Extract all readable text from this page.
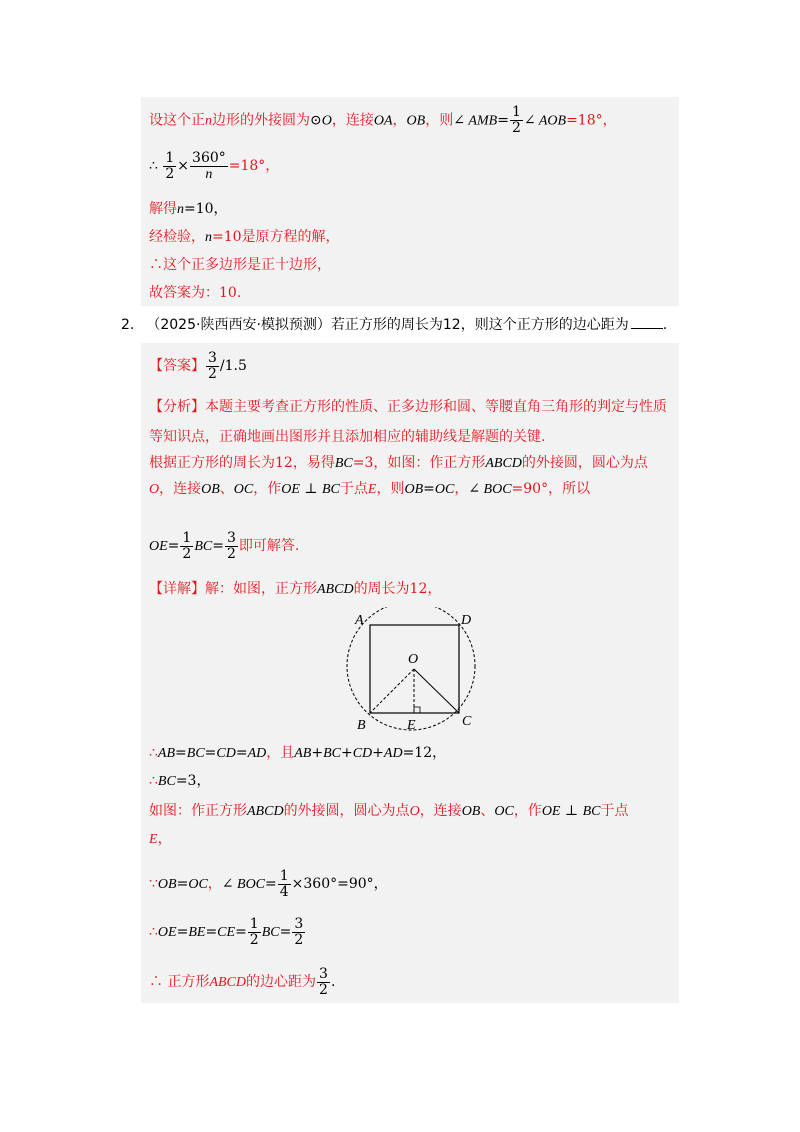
设这个正n边形的外接圆为⊙O，连接OA，OB，则∠ $AMB= \frac{1}{2}$ ∠ AOB=18°，
∴ $\frac{1}{2} \times \frac{360^\circ}{n} =18^\circ$，
解得n=10，
经检验，n=10是原方程的解，
∴这个正多边形是正十边形，
故答案为：10.
2. （2025·陕西西安·模拟预测）若正方形的周长为12，则这个正方形的边心距为 .
【答案】 $\frac{3}{2} /1.5$
【分析】本题主要考查正方形的性质、正多边形和圆、等腰直角三角形的判定与性质
等知识点，正确地画出图形并且添加相应的辅助线是解题的关键.
根据正方形的周长为12，易得BC=3，如图：作正方形ABCD的外接圆，圆心为点
O，连接OB、OC，作OE ⊥ BC于点E，则OB=OC，∠ BOC=90°，所以
$OE= \frac{1}{2} BC= \frac{3}{2}$ 即可解答.
【详解】解：如图，正方形ABCD的周长为12，
A	D
O
B	E	C
∴AB=BC=CD=AD，且AB+BC+CD+AD=12，
∴BC=3，
如图：作正方形ABCD的外接圆，圆心为点O，连接OB、OC，作OE ⊥ BC于点
E，
∵OB=OC，∠ $BOC= \frac{1}{4} \times 360^\circ=90^\circ$，
∴OE=BE=CE= $\frac{1}{2} BC= \frac{3}{2}$
∴ 正方形ABCD的边心距为 $\frac{3}{2}$ .
